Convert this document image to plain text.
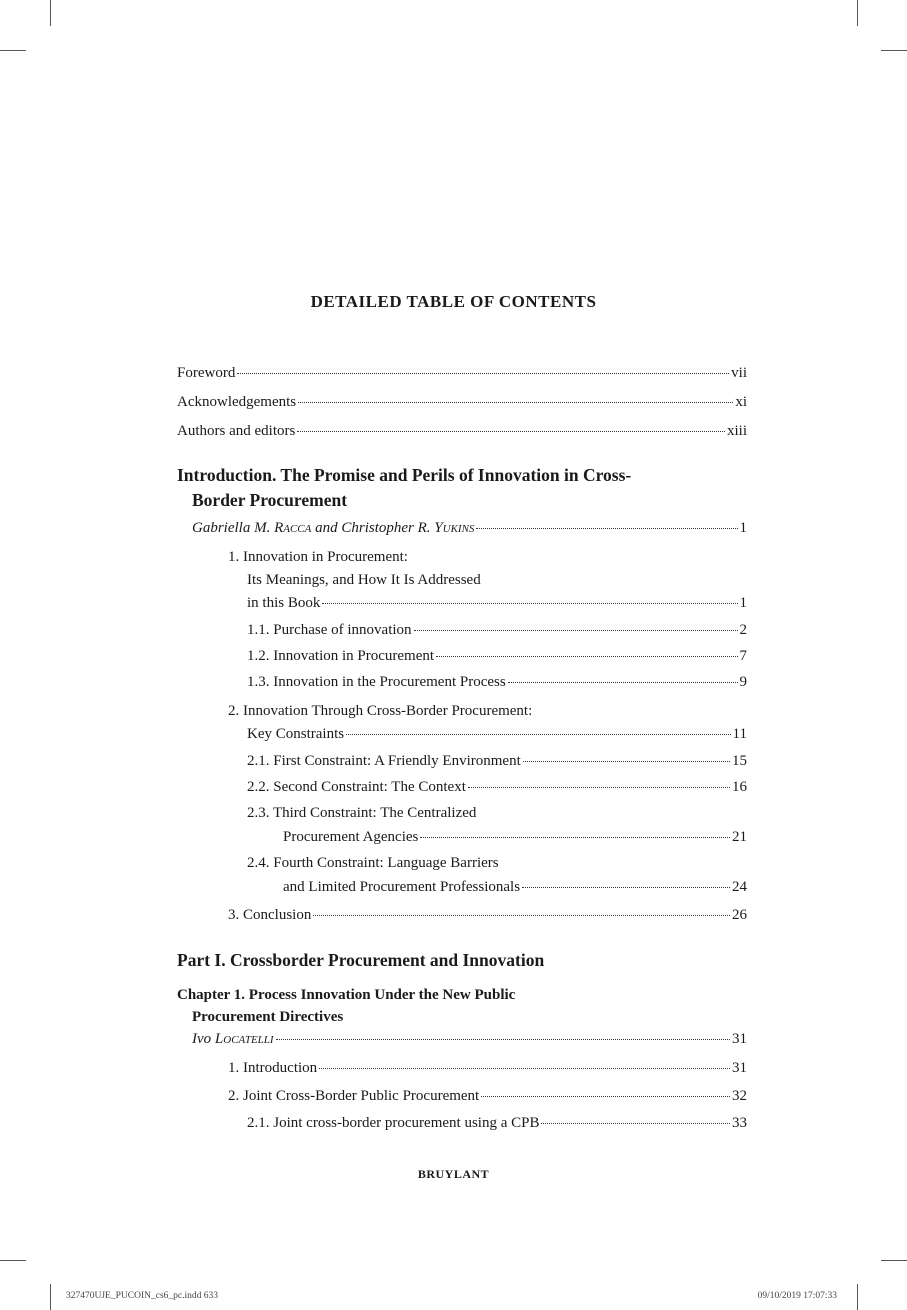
DETAILED TABLE OF CONTENTS
Foreword	vii
Acknowledgements	xi
Authors and editors	xiii
Introduction. The Promise and Perils of Innovation in Cross-
Border Procurement
Gabriella M. Racca and Christopher R. Yukins	1
1. Innovation in Procurement:
Its Meanings, and How It Is Addressed
in this Book	1
1.1. Purchase of innovation	2
1.2. Innovation in Procurement	7
1.3. Innovation in the Procurement Process	9
2. Innovation Through Cross-Border Procurement:
Key Constraints	11
2.1. First Constraint: A Friendly Environment	15
2.2. Second Constraint: The Context	16
2.3. Third Constraint: The Centralized
Procurement Agencies	21
2.4. Fourth Constraint: Language Barriers
and Limited Procurement Professionals	24
3. Conclusion	26
Part I. Crossborder Procurement and Innovation
Chapter 1. Process Innovation Under the New Public
Procurement Directives
Ivo Locatelli	31
1. Introduction	31
2. Joint Cross-Border Public Procurement	32
2.1. Joint cross-border procurement using a CPB	33
BRUYLANT
327470UJE_PUCOIN_cs6_pc.indd 633	09/10/2019 17:07:33
